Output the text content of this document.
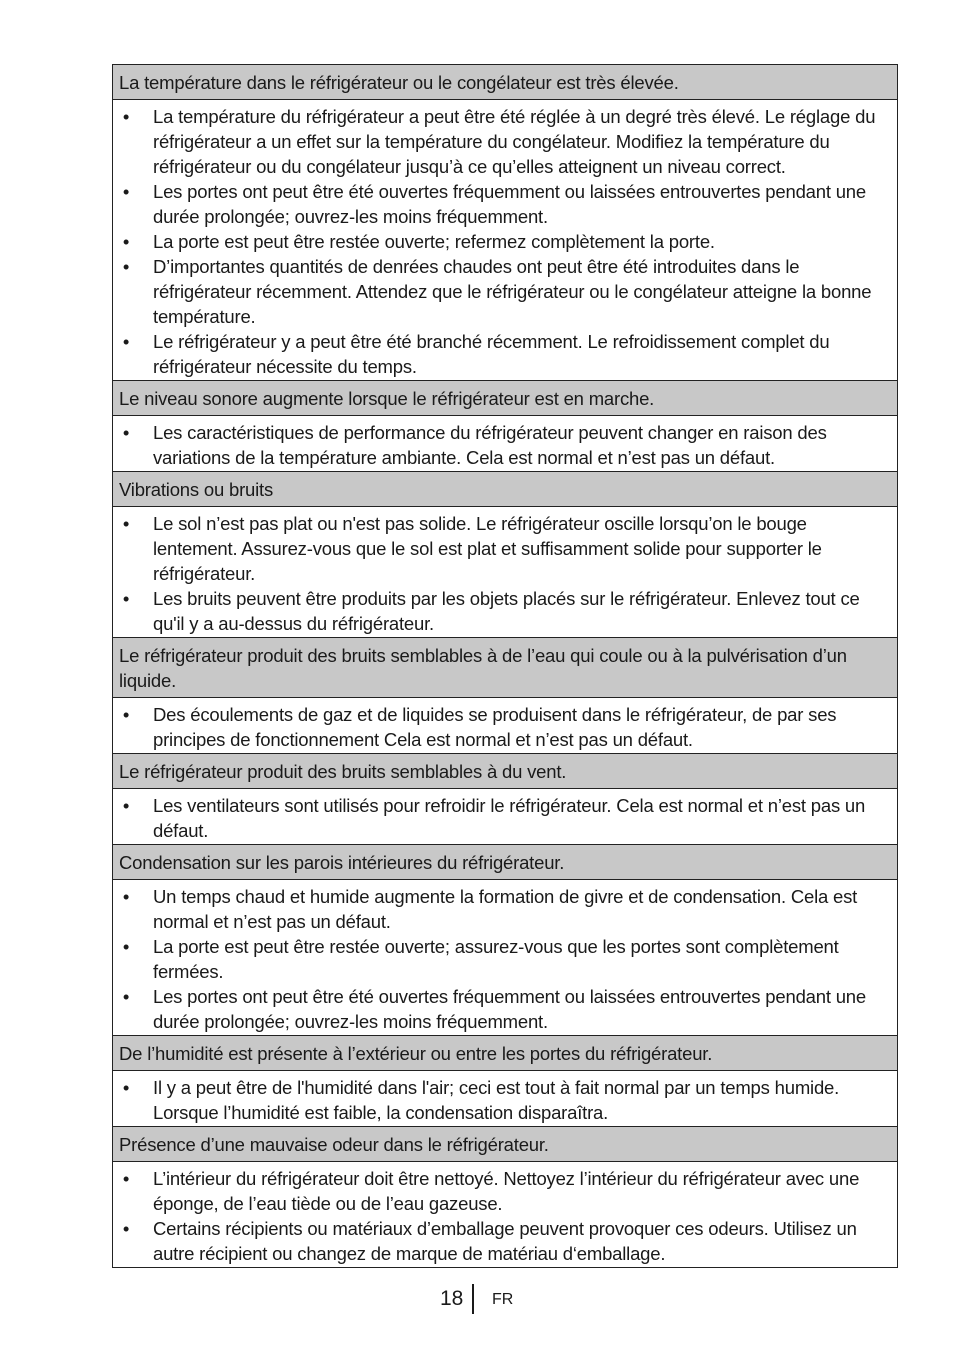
La température dans le réfrigérateur ou le congélateur est très élevée.
• La température du réfrigérateur a peut être été réglée à un degré très élevé. Le réglage du réfrigérateur a un effet sur la température du congélateur. Modifiez la température du réfrigérateur ou du congélateur jusqu’à ce qu’elles atteignent un niveau correct.
• Les portes ont peut être été ouvertes fréquemment ou laissées entrouvertes pendant une durée prolongée; ouvrez-les moins fréquemment.
• La porte est peut être restée ouverte; refermez complètement la porte.
• D’importantes quantités de denrées chaudes ont peut être été introduites dans le réfrigérateur récemment. Attendez que le réfrigérateur ou le congélateur atteigne la bonne température.
• Le réfrigérateur y a peut être été branché récemment. Le refroidissement complet du réfrigérateur nécessite du temps.
Le niveau sonore augmente lorsque le réfrigérateur est en marche.
• Les caractéristiques de performance du réfrigérateur peuvent changer en raison des variations de la température ambiante. Cela est normal et n’est pas un défaut.
Vibrations ou bruits
• Le sol n’est pas plat ou n'est pas solide. Le réfrigérateur oscille lorsqu’on le bouge lentement. Assurez-vous que le sol est plat et suffisamment solide pour supporter le réfrigérateur.
• Les bruits peuvent être produits par les objets placés sur le réfrigérateur. Enlevez tout ce qu'il y a au-dessus du réfrigérateur.
Le réfrigérateur produit des bruits semblables à de l’eau qui coule ou à la pulvérisation d’un liquide.
• Des écoulements de gaz et de liquides se produisent dans le réfrigérateur, de par ses principes de fonctionnement Cela est normal et n’est pas un défaut.
Le réfrigérateur produit des bruits semblables à du vent.
• Les ventilateurs sont utilisés pour refroidir le réfrigérateur. Cela est normal et n’est pas un défaut.
Condensation sur les parois intérieures du réfrigérateur.
• Un temps chaud et humide augmente la formation de givre et de condensation. Cela est normal et n’est pas un défaut.
• La porte est peut être restée ouverte; assurez-vous que les portes sont complètement fermées.
• Les portes ont peut être été ouvertes fréquemment ou laissées entrouvertes pendant une durée prolongée; ouvrez-les moins fréquemment.
De l’humidité est présente à l’extérieur ou entre les portes du réfrigérateur.
• Il y a peut être de l'humidité dans l'air; ceci est tout à fait normal par un temps humide. Lorsque l’humidité est faible, la condensation disparaîtra.
Présence d’une mauvaise odeur dans le réfrigérateur.
• L’intérieur du réfrigérateur doit être nettoyé. Nettoyez l’intérieur du réfrigérateur avec une éponge, de l’eau tiède ou de l’eau gazeuse.
• Certains récipients ou matériaux d’emballage peuvent provoquer ces odeurs. Utilisez un autre récipient ou changez de marque de matériau d‘emballage.
18 FR
